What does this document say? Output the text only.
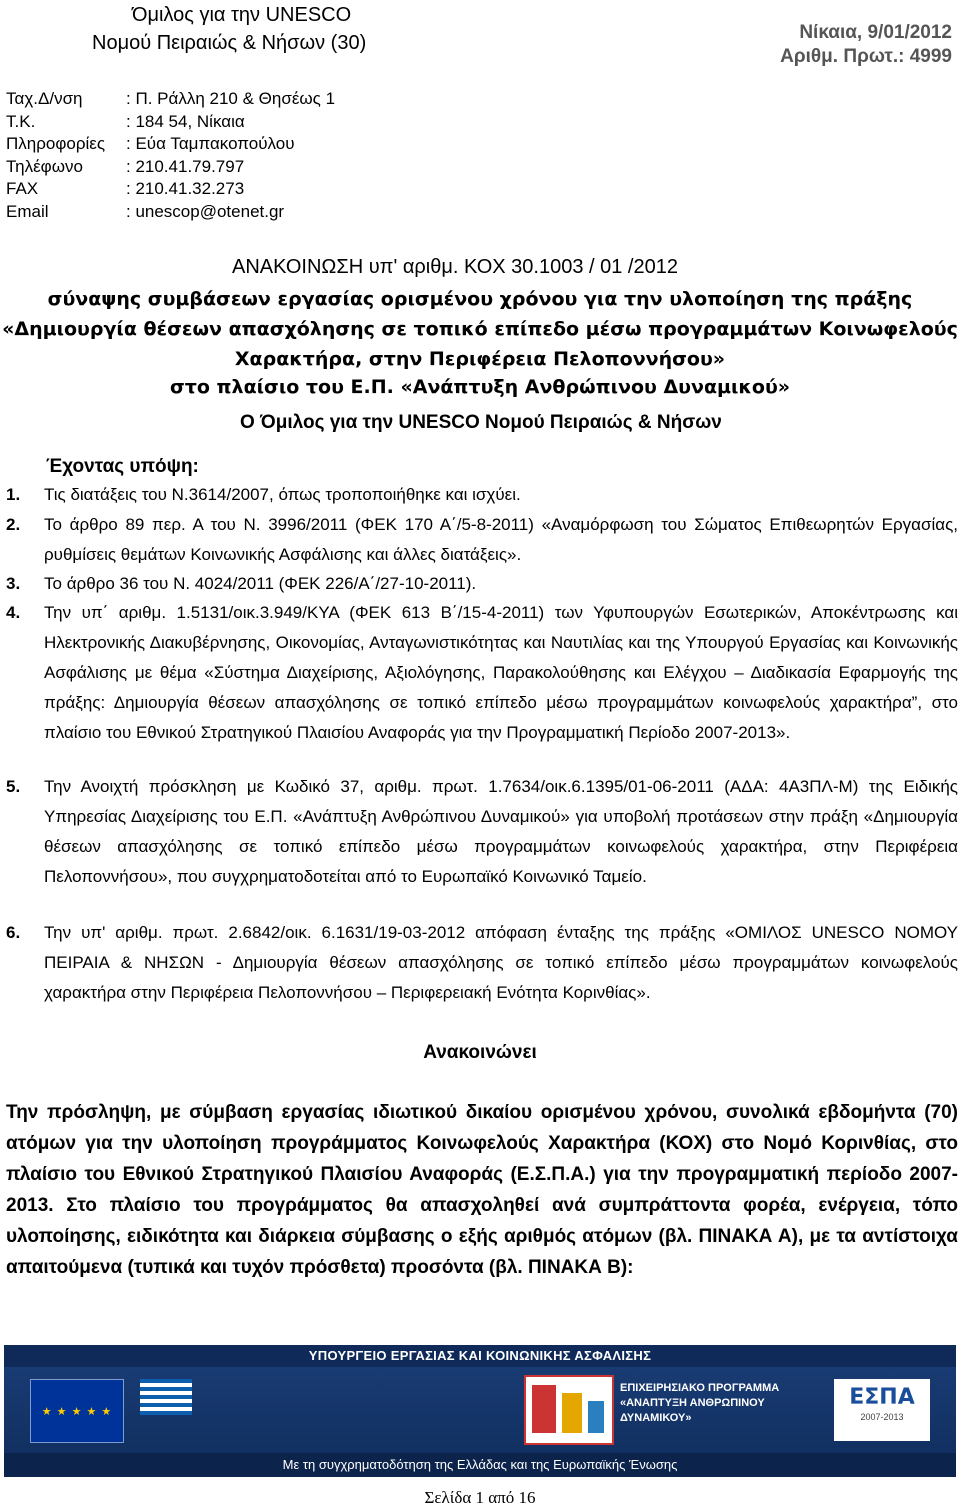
Όμιλος για την UNESCO
Νομού Πειραιώς & Νήσων (30)	Νίκαια, 9/01/2012
Αριθμ. Πρωτ.: 4999
Ταχ.Δ/νση	: Π. Ράλλη 210 & Θησέως 1
Τ.Κ.	: 184 54, Νίκαια
Πληροφορίες : Εύα Ταμπακοπούλου
Τηλέφωνο	: 210.41.79.797
FAX	: 210.41.32.273
Email	: unescop@otenet.gr
ΑΝΑΚΟΙΝΩΣΗ υπ' αριθμ. ΚΟΧ 30.1003 / 01 /2012
σύναψης συμβάσεων εργασίας ορισμένου χρόνου για την υλοποίηση της πράξης
«Δημιουργία θέσεων απασχόλησης σε τοπικό επίπεδο μέσω προγραμμάτων Κοινωφελούς
Χαρακτήρα, στην Περιφέρεια Πελοποννήσου»
στο πλαίσιο του Ε.Π. «Ανάπτυξη Ανθρώπινου Δυναμικού»
Ο Όμιλος για την UNESCO Νομού Πειραιώς & Νήσων
Έχοντας υπόψη:
1. Τις διατάξεις του Ν.3614/2007, όπως τροποποιήθηκε και ισχύει.
2. Το άρθρο 89 περ. Α του Ν. 3996/2011 (ΦΕΚ 170 Α΄/5-8-2011) «Αναμόρφωση του Σώματος Επιθεωρητών Εργασίας, ρυθμίσεις θεμάτων Κοινωνικής Ασφάλισης και άλλες διατάξεις».
3. Το άρθρο 36 του Ν. 4024/2011 (ΦΕΚ 226/Α΄/27-10-2011).
4. Την υπ΄ αριθμ. 1.5131/οικ.3.949/ΚΥΑ (ΦΕΚ 613 Β΄/15-4-2011) των Υφυπουργών Εσωτερικών, Αποκέντρωσης και Ηλεκτρονικής Διακυβέρνησης, Οικονομίας, Ανταγωνιστικότητας και Ναυτιλίας και της Υπουργού Εργασίας και Κοινωνικής Ασφάλισης με θέμα «Σύστημα Διαχείρισης, Αξιολόγησης, Παρακολούθησης και Ελέγχου – Διαδικασία Εφαρμογής της πράξης: Δημιουργία θέσεων απασχόλησης σε τοπικό επίπεδο μέσω προγραμμάτων κοινωφελούς χαρακτήρα”, στο πλαίσιο του Εθνικού Στρατηγικού Πλαισίου Αναφοράς για την Προγραμματική Περίοδο 2007-2013».
5. Την Ανοιχτή πρόσκληση με Κωδικό 37, αριθμ. πρωτ. 1.7634/οικ.6.1395/01-06-2011 (ΑΔΑ: 4Α3ΠΛ-Μ) της Ειδικής Υπηρεσίας Διαχείρισης του Ε.Π. «Ανάπτυξη Ανθρώπινου Δυναμικού» για υποβολή προτάσεων στην πράξη «Δημιουργία θέσεων απασχόλησης σε τοπικό επίπεδο μέσω προγραμμάτων κοινωφελούς χαρακτήρα, στην Περιφέρεια Πελοποννήσου», που συγχρηματοδοτείται από το Ευρωπαϊκό Κοινωνικό Ταμείο.
6. Την υπ' αριθμ. πρωτ. 2.6842/οικ. 6.1631/19-03-2012 απόφαση ένταξης της πράξης «ΟΜΙΛΟΣ UNESCO ΝΟΜΟΥ ΠΕΙΡΑΙΑ & ΝΗΣΩΝ - Δημιουργία θέσεων απασχόλησης σε τοπικό επίπεδο μέσω προγραμμάτων κοινωφελούς χαρακτήρα στην Περιφέρεια Πελοποννήσου – Περιφερειακή Ενότητα Κορινθίας».
Ανακοινώνει
Την πρόσληψη, με σύμβαση εργασίας ιδιωτικού δικαίου ορισμένου χρόνου, συνολικά εβδομήντα (70) ατόμων για την υλοποίηση προγράμματος Κοινωφελούς Χαρακτήρα (ΚΟΧ) στο Νομό Κορινθίας, στο πλαίσιο του Εθνικού Στρατηγικού Πλαισίου Αναφοράς (Ε.Σ.Π.Α.) για την προγραμματική περίοδο 2007-2013. Στο πλαίσιο του προγράμματος θα απασχοληθεί ανά συμπράττοντα φορέα, ενέργεια, τόπο υλοποίησης, ειδικότητα και διάρκεια σύμβασης ο εξής αριθμός ατόμων (βλ. ΠΙΝΑΚΑ Α), με τα αντίστοιχα απαιτούμενα (τυπικά και τυχόν πρόσθετα) προσόντα (βλ. ΠΙΝΑΚΑ Β):
ΥΠΟΥΡΓΕΙΟ ΕΡΓΑΣΙΑΣ ΚΑΙ ΚΟΙΝΩΝΙΚΗΣ ΑΣΦΑΛΙΣΗΣ
★ ★ ★ ★ ★
ΕΠΙΧΕΙΡΗΣΙΑΚΟ ΠΡΟΓΡΑΜΜΑ «ΑΝΑΠΤΥΞΗ ΑΝΘΡΩΠΙΝΟΥ ΔΥΝΑΜΙΚΟΥ»
ΕΣΠΑ
2007-2013
Με τη συγχρηματοδότηση της Ελλάδας και της Ευρωπαϊκής Ένωσης
Σελίδα 1 από 16
